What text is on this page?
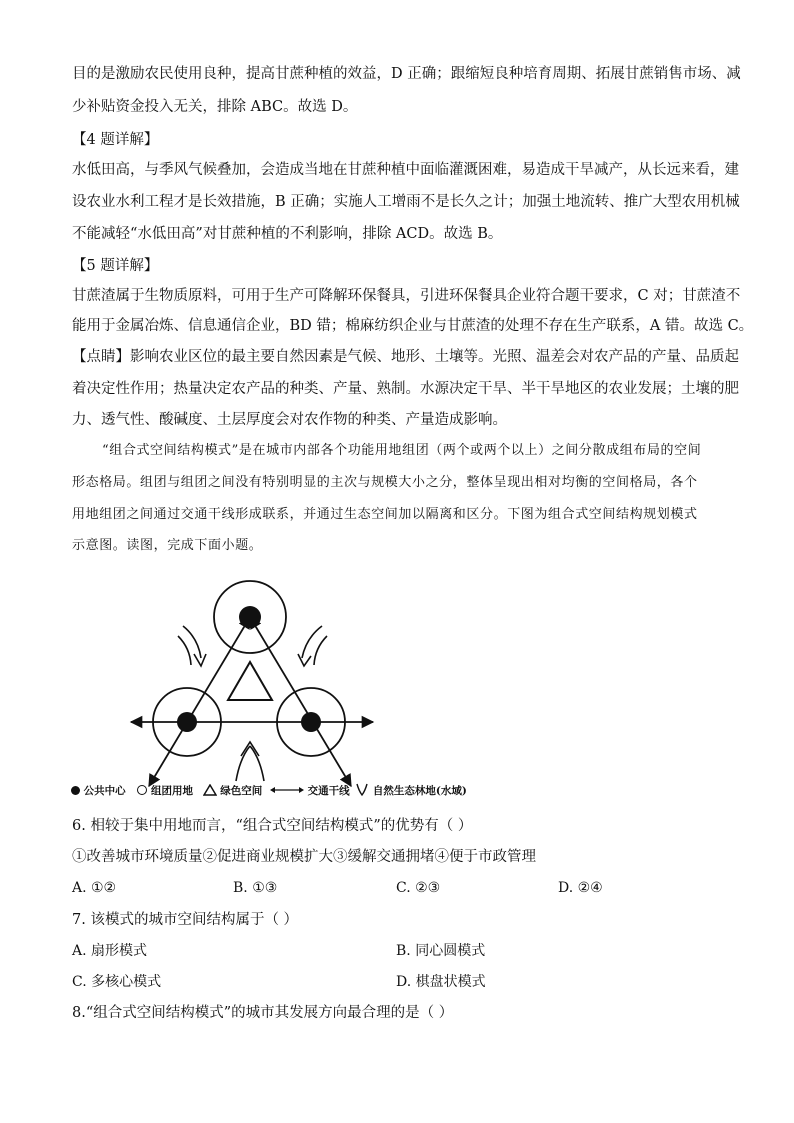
目的是激励农民使用良种，提高甘蔗种植的效益，D 正确；跟缩短良种培育周期、拓展甘蔗销售市场、减
少补贴资金投入无关，排除 ABC。故选 D。
【4 题详解】
水低田高，与季风气候叠加，会造成当地在甘蔗种植中面临灌溉困难，易造成干旱减产，从长远来看，建
设农业水利工程才是长效措施，B 正确；实施人工增雨不是长久之计；加强土地流转、推广大型农用机械
不能减轻“水低田高”对甘蔗种植的不利影响，排除 ACD。故选 B。
【5 题详解】
甘蔗渣属于生物质原料，可用于生产可降解环保餐具，引进环保餐具企业符合题干要求，C 对；甘蔗渣不
能用于金属冶炼、信息通信企业，BD 错；棉麻纺织企业与甘蔗渣的处理不存在生产联系，A 错。故选 C。
【点睛】影响农业区位的最主要自然因素是气候、地形、土壤等。光照、温差会对农产品的产量、品质起
着决定性作用；热量决定农产品的种类、产量、熟制。水源决定干旱、半干旱地区的农业发展；土壤的肥
力、透气性、酸碱度、土层厚度会对农作物的种类、产量造成影响。
“组合式空间结构模式”是在城市内部各个功能用地组团（两个或两个以上）之间分散成组布局的空间
形态格局。组团与组团之间没有特别明显的主次与规模大小之分，整体呈现出相对均衡的空间格局，各个
用地组团之间通过交通干线形成联系，并通过生态空间加以隔离和区分。下图为组合式空间结构规划模式
示意图。读图，完成下面小题。
公共中心 组团用地	绿色空间	交通干线 自然生态林地(水域)
6. 相较于集中用地而言，“组合式空间结构模式”的优势有（ ）
①改善城市环境质量②促进商业规模扩大③缓解交通拥堵④便于市政管理
A. ①②	B. ①③	C. ②③	D. ②④
7. 该模式的城市空间结构属于（ ）
A. 扇形模式	B. 同心圆模式
C. 多核心模式	D. 棋盘状模式
8.“组合式空间结构模式”的城市其发展方向最合理的是（ ）
